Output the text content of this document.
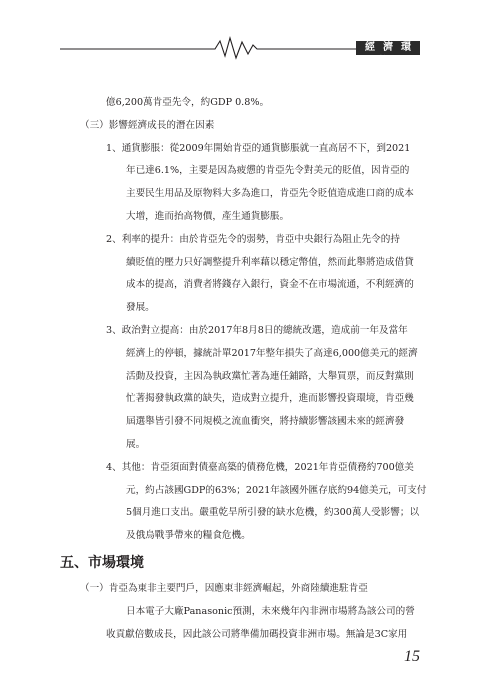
經濟環境
億6,200萬肯亞先令，約GDP 0.8%。
（三）影響經濟成長的潛在因素
1、通貨膨脹：從2009年開始肯亞的通貨膨脹就一直高居不下，到2021
年已達6.1%，主要是因為疲憊的肯亞先令對美元的貶值，因肯亞的
主要民生用品及原物料大多為進口，肯亞先令貶值造成進口商的成本
大增，進而抬高物價，產生通貨膨脹。
2、利率的提升：由於肯亞先令的弱勢，肯亞中央銀行為阻止先令的持
續貶值的壓力只好調整提升利率藉以穩定幣值，然而此舉將造成借貸
成本的提高，消費者將錢存入銀行，資金不在市場流通，不利經濟的
發展。
3、政治對立提高：由於2017年8月8日的總統改選，造成前一年及當年
經濟上的停頓，據統計單2017年整年損失了高達6,000億美元的經濟
活動及投資，主因為執政黨忙著為連任鋪路，大舉買票，而反對黨則
忙著揭發執政黨的缺失，造成對立提升，進而影響投資環境，肯亞幾
屆選舉皆引發不同規模之流血衝突，將持續影響該國未來的經濟發
展。
4、其他：肯亞須面對債臺高築的債務危機，2021年肯亞債務約700億美
元，約占該國GDP的63%；2021年該國外匯存底約94億美元，可支付
5個月進口支出。嚴重乾旱所引發的缺水危機，約300萬人受影響；以
及俄烏戰爭帶來的糧食危機。
五、市場環境
（一）肯亞為東非主要門戶，因應東非經濟崛起，外商陸續進駐肯亞
日本電子大廠Panasonic預測，未來幾年內非洲市場將為該公司的營
收貢獻倍數成長，因此該公司將準備加碼投資非洲市場。無論是3C家用
15
